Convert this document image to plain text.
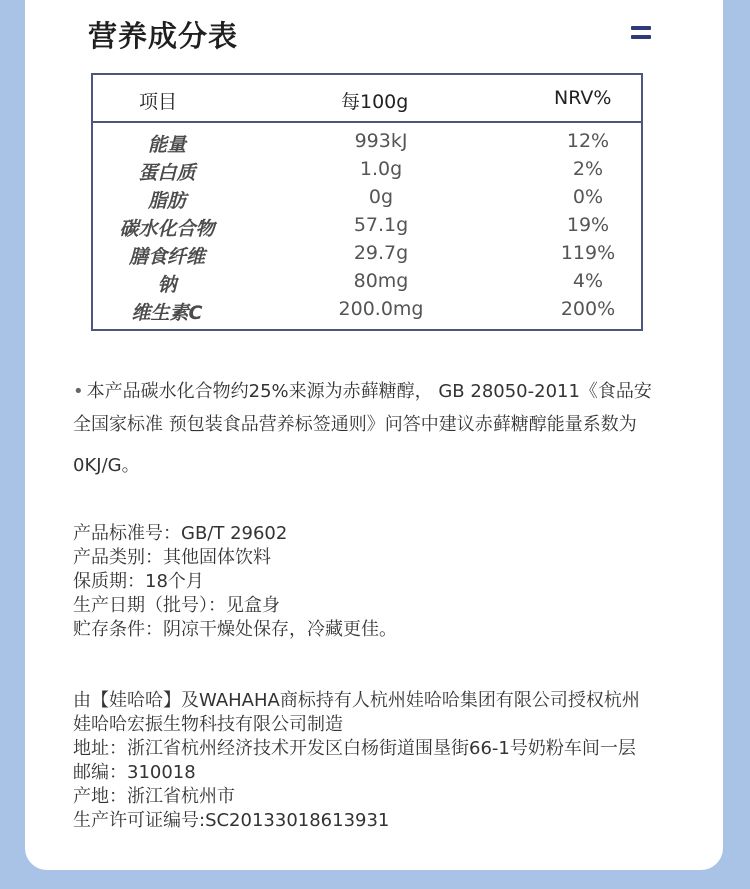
营养成分表
项目	每100g	NRV%
能量	993kJ	12%
蛋白质	1.0g	2%
脂肪	0g	0%
碳水化合物	57.1g	19%
膳食纤维	29.7g	119%
钠	80mg	4%
维生素C	200.0mg	200%
• 本产品碳水化合物约25%来源为赤藓糖醇， GB 28050-2011《食品安
全国家标准 预包装食品营养标签通则》问答中建议赤藓糖醇能量系数为
0KJ/G。
产品标准号：GB/T 29602
产品类别：其他固体饮料
保质期：18个月
生产日期（批号）：见盒身
贮存条件：阴凉干燥处保存，冷藏更佳。
由【娃哈哈】及WAHAHA商标持有人杭州娃哈哈集团有限公司授权杭州
娃哈哈宏振生物科技有限公司制造
地址：浙江省杭州经济技术开发区白杨街道围垦街66-1号奶粉车间一层
邮编：310018
产地：浙江省杭州市
生产许可证编号:SC20133018613931
